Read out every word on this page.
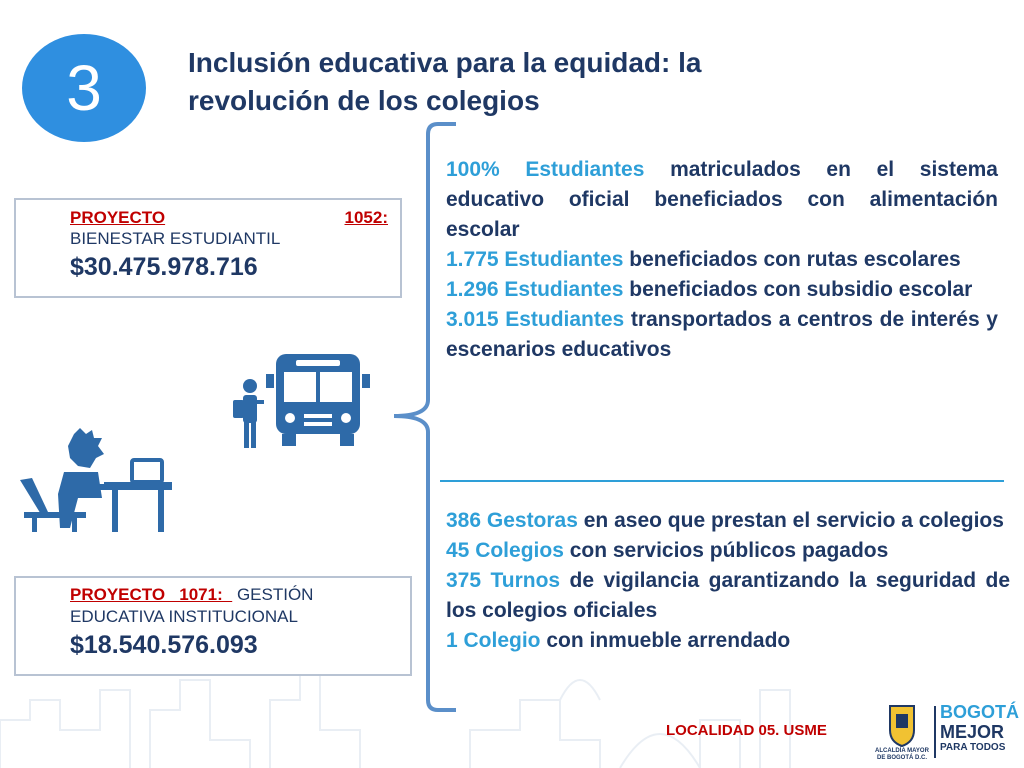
3	Inclusión educativa para la equidad: la
revolución de los colegios
PROYECTO	1052:
BIENESTAR ESTUDIANTIL
$30.475.978.716
PROYECTO   1071:   GESTIÓN
EDUCATIVA INSTITUCIONAL
$18.540.576.093

100% Estudiantes matriculados en el sistema educativo oficial beneficiados con alimentación escolar

1.775 Estudiantes beneficiados con rutas escolares

1.296 Estudiantes beneficiados con subsidio escolar

3.015 Estudiantes transportados a centros de interés y escenarios educativos

386 Gestoras en aseo que prestan el servicio a colegios

45 Colegios con servicios públicos pagados

375 Turnos de vigilancia garantizando la seguridad de los colegios oficiales

1 Colegio con inmueble arrendado

LOCALIDAD 05. USME
ALCALDÍA MAYOR
DE BOGOTÁ D.C.
BOGOTÁ
MEJOR
PARA TODOS
